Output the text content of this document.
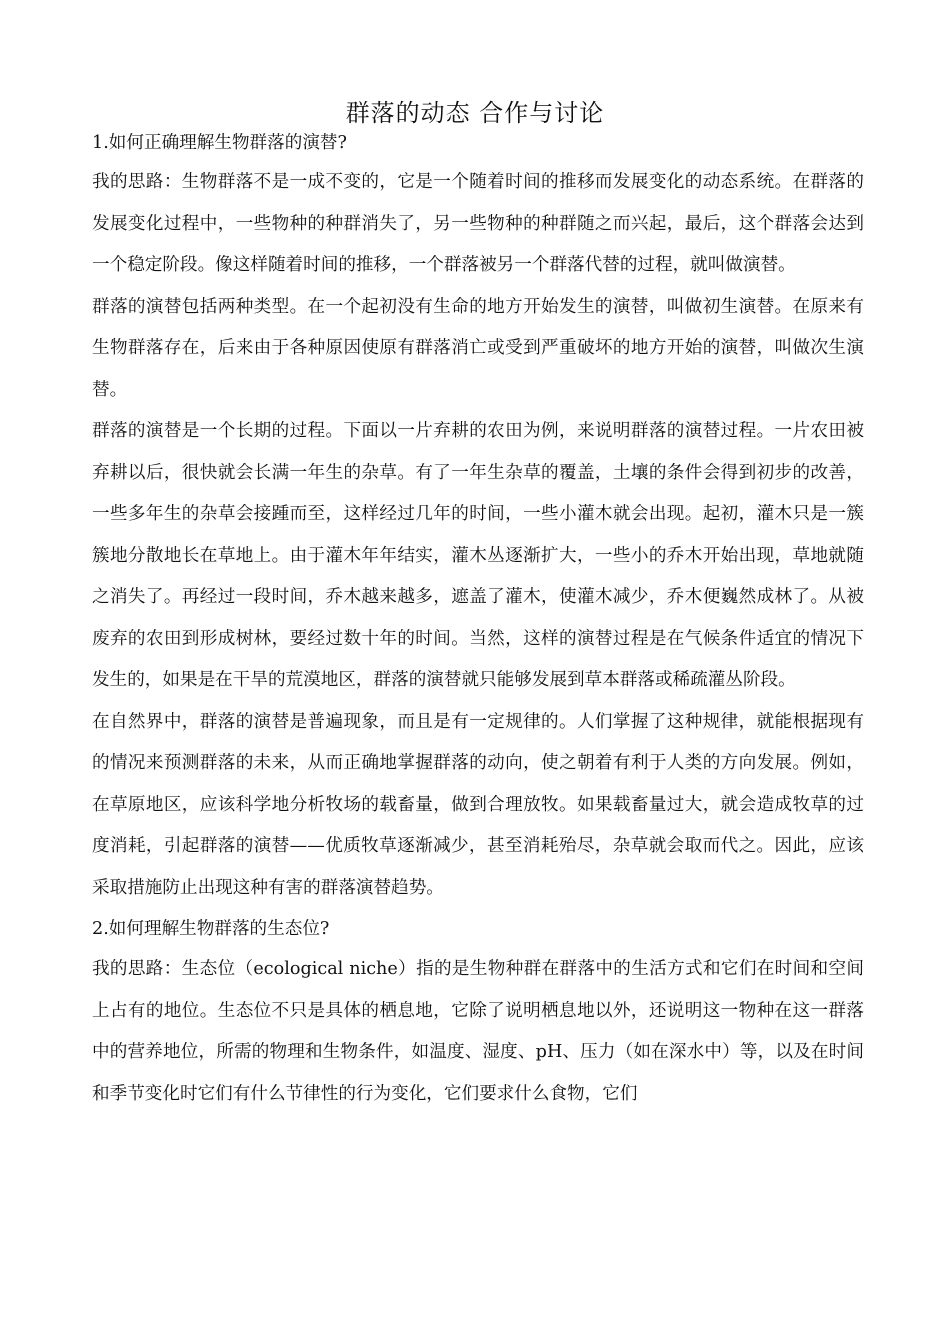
群落的动态 合作与讨论

1.如何正确理解生物群落的演替?

我的思路：生物群落不是一成不变的，它是一个随着时间的推移而发展变化的动态系统。在群落的发展变化过程中，一些物种的种群消失了，另一些物种的种群随之而兴起，最后，这个群落会达到一个稳定阶段。像这样随着时间的推移，一个群落被另一个群落代替的过程，就叫做演替。

群落的演替包括两种类型。在一个起初没有生命的地方开始发生的演替，叫做初生演替。在原来有生物群落存在，后来由于各种原因使原有群落消亡或受到严重破坏的地方开始的演替，叫做次生演替。

群落的演替是一个长期的过程。下面以一片弃耕的农田为例，来说明群落的演替过程。一片农田被弃耕以后，很快就会长满一年生的杂草。有了一年生杂草的覆盖，土壤的条件会得到初步的改善，一些多年生的杂草会接踵而至，这样经过几年的时间，一些小灌木就会出现。起初，灌木只是一簇簇地分散地长在草地上。由于灌木年年结实，灌木丛逐渐扩大，一些小的乔木开始出现，草地就随之消失了。再经过一段时间，乔木越来越多，遮盖了灌木，使灌木减少，乔木便巍然成林了。从被废弃的农田到形成树林，要经过数十年的时间。当然，这样的演替过程是在气候条件适宜的情况下发生的，如果是在干旱的荒漠地区，群落的演替就只能够发展到草本群落或稀疏灌丛阶段。

在自然界中，群落的演替是普遍现象，而且是有一定规律的。人们掌握了这种规律，就能根据现有的情况来预测群落的未来，从而正确地掌握群落的动向，使之朝着有利于人类的方向发展。例如，在草原地区，应该科学地分析牧场的载畜量，做到合理放牧。如果载畜量过大，就会造成牧草的过度消耗，引起群落的演替——优质牧草逐渐减少，甚至消耗殆尽，杂草就会取而代之。因此，应该采取措施防止出现这种有害的群落演替趋势。

2.如何理解生物群落的生态位?

我的思路：生态位（ecological niche）指的是生物种群在群落中的生活方式和它们在时间和空间上占有的地位。生态位不只是具体的栖息地，它除了说明栖息地以外，还说明这一物种在这一群落中的营养地位，所需的物理和生物条件，如温度、湿度、pH、压力（如在深水中）等，以及在时间和季节变化时它们有什么节律性的行为变化，它们要求什么食物，它们
